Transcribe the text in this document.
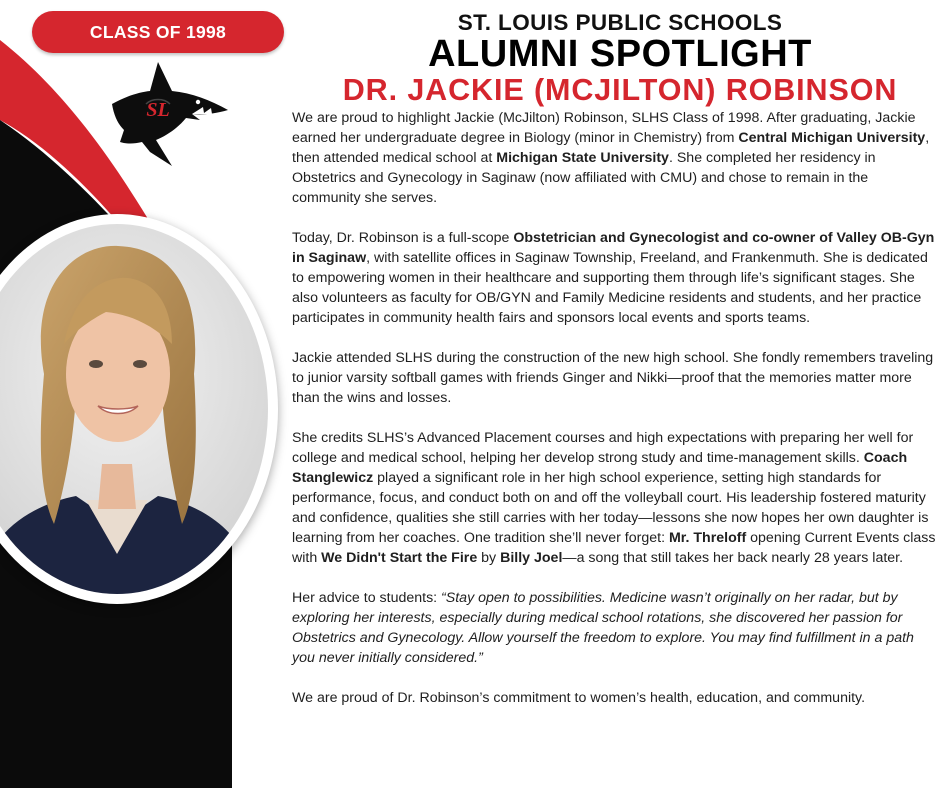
CLASS OF 1998
SL
ST. LOUIS PUBLIC SCHOOLS
ALUMNI SPOTLIGHT
DR. JACKIE (MCJILTON) ROBINSON

We are proud to highlight Jackie (McJilton) Robinson, SLHS Class of 1998. After graduating, Jackie earned her undergraduate degree in Biology (minor in Chemistry) from Central Michigan University, then attended medical school at Michigan State University. She completed her residency in Obstetrics and Gynecology in Saginaw (now affiliated with CMU) and chose to remain in the community she serves.

Today, Dr. Robinson is a full-scope Obstetrician and Gynecologist and co-owner of Valley OB-Gyn in Saginaw, with satellite offices in Saginaw Township, Freeland, and Frankenmuth. She is dedicated to empowering women in their healthcare and supporting them through life’s significant stages. She also volunteers as faculty for OB/GYN and Family Medicine residents and students, and her practice participates in community health fairs and sponsors local events and sports teams.

Jackie attended SLHS during the construction of the new high school. She fondly remembers traveling to junior varsity softball games with friends Ginger and Nikki—proof that the memories matter more than the wins and losses.

She credits SLHS’s Advanced Placement courses and high expectations with preparing her well for college and medical school, helping her develop strong study and time-management skills. Coach Stanglewicz played a significant role in her high school experience, setting high standards for performance, focus, and conduct both on and off the volleyball court. His leadership fostered maturity and confidence, qualities she still carries with her today—lessons she now hopes her own daughter is learning from her coaches. One tradition she’ll never forget: Mr. Threloff opening Current Events class with We Didn't Start the Fire by Billy Joel—a song that still takes her back nearly 28 years later.

Her advice to students: “Stay open to possibilities. Medicine wasn’t originally on her radar, but by exploring her interests, especially during medical school rotations, she discovered her passion for Obstetrics and Gynecology. Allow yourself the freedom to explore. You may find fulfillment in a path you never initially considered.”

We are proud of Dr. Robinson’s commitment to women’s health, education, and community.
